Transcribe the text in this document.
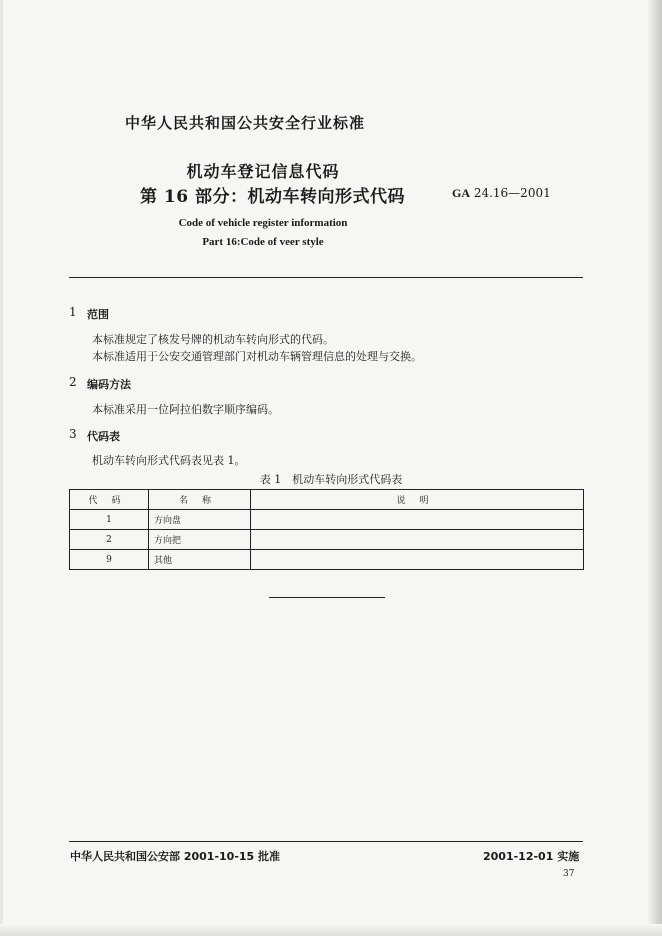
中华人民共和国公共安全行业标准
机动车登记信息代码
第 16 部分：机动车转向形式代码	GA 24.16—2001
Code of vehicle register information
Part 16:Code of veer style
1 范围
本标准规定了核发号牌的机动车转向形式的代码。
本标准适用于公安交通管理部门对机动车辆管理信息的处理与交换。
2 编码方法
本标准采用一位阿拉伯数字顺序编码。
3 代码表
机动车转向形式代码表见表 1。
表 1　机动车转向形式代码表
代码	名称	说明
1	方向盘	
2	方向把	
9	其他	
中华人民共和国公安部 2001-10-15 批准	2001-12-01 实施
37
